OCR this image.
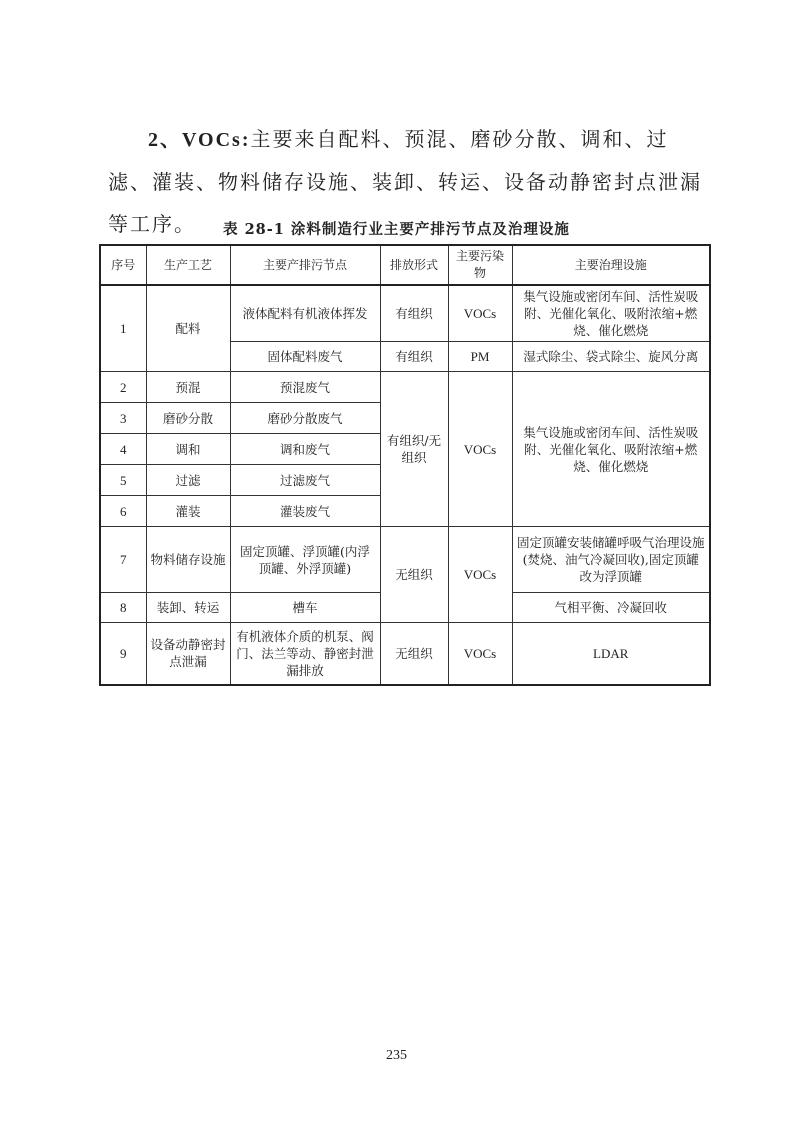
2、VOCs:主要来自配料、预混、磨砂分散、调和、过滤、灌装、物料储存设施、装卸、转运、设备动静密封点泄漏等工序。	表 28-1 涂料制造行业主要产排污节点及治理设施
序号	生产工艺	主要产排污节点	排放形式	主要污染物	主要治理设施
1	配料	液体配料有机液体挥发	有组织	VOCs	集气设施或密闭车间、活性炭吸附、光催化氧化、吸附浓缩+燃烧、催化燃烧
		固体配料废气	有组织	PM	湿式除尘、袋式除尘、旋风分离
2	预混	预混废气	有组织/无组织	VOCs	集气设施或密闭车间、活性炭吸附、光催化氧化、吸附浓缩+燃烧、催化燃烧
3	磨砂分散	磨砂分散废气			
4	调和	调和废气			
5	过滤	过滤废气			
6	灌装	灌装废气			
7	物料储存设施	固定顶罐、浮顶罐(内浮顶罐、外浮顶罐)	无组织	VOCs	固定顶罐安装储罐呼吸气治理设施(焚烧、油气冷凝回收),固定顶罐改为浮顶罐
8	装卸、转运	槽车			气相平衡、冷凝回收
9	设备动静密封点泄漏	有机液体介质的机泵、阀门、法兰等动、静密封泄漏排放	无组织	VOCs	LDAR
235
